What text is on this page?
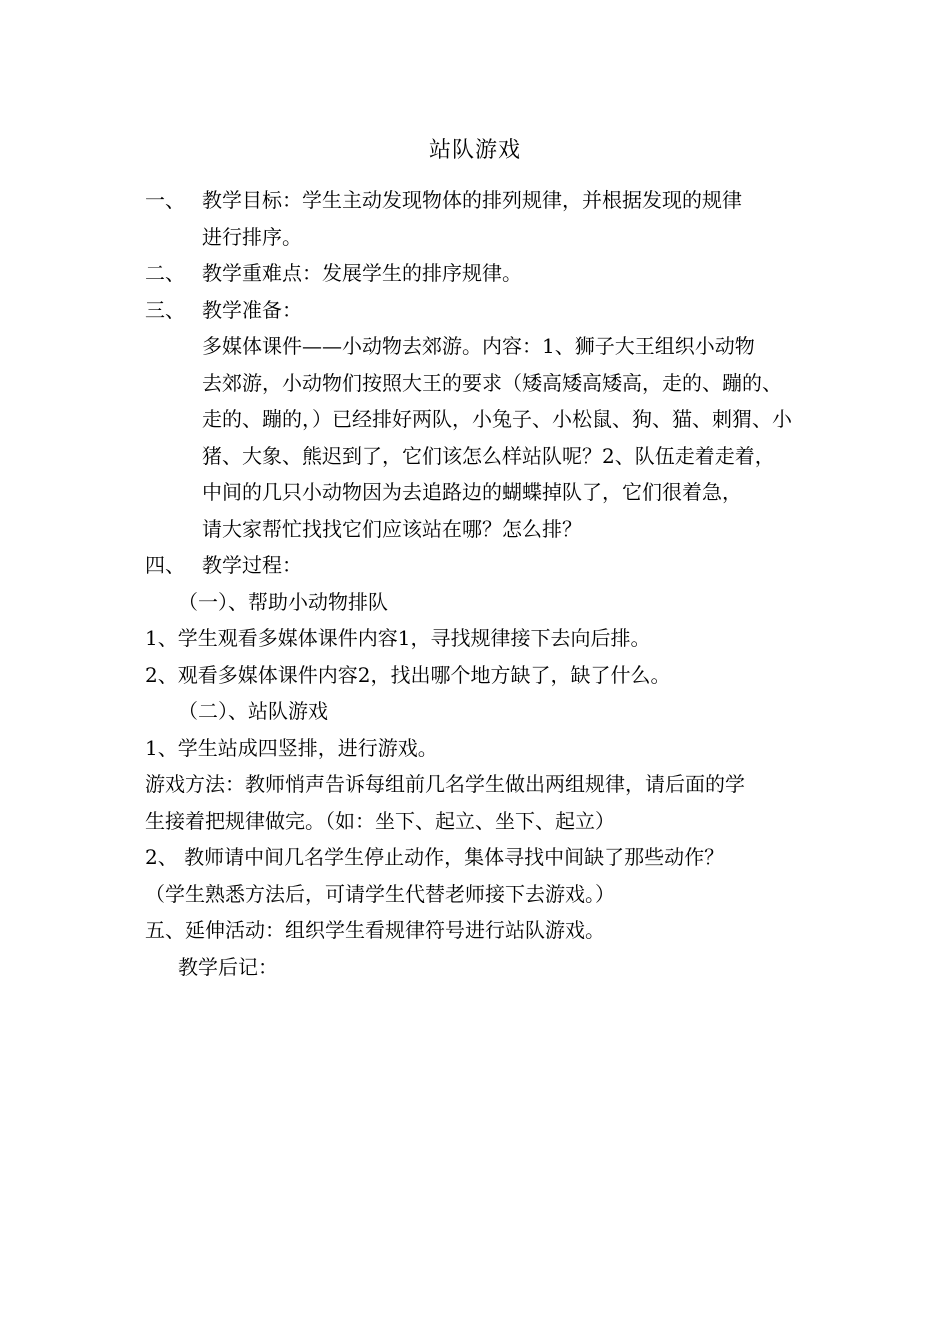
站队游戏
一、 教学目标：学生主动发现物体的排列规律，并根据发现的规律
进行排序。
二、 教学重难点：发展学生的排序规律。
三、 教学准备：
多媒体课件——小动物去郊游。内容：1、狮子大王组织小动物
去郊游，小动物们按照大王的要求（矮高矮高矮高，走的、蹦的、
走的、蹦的，）已经排好两队，小兔子、小松鼠、狗、猫、刺猬、小
猪、大象、熊迟到了，它们该怎么样站队呢？2、队伍走着走着，
中间的几只小动物因为去追路边的蝴蝶掉队了，它们很着急，
请大家帮忙找找它们应该站在哪？怎么排？
四、 教学过程：
（一）、帮助小动物排队
1、学生观看多媒体课件内容1，寻找规律接下去向后排。
2、观看多媒体课件内容2，找出哪个地方缺了，缺了什么。
（二）、站队游戏
1、学生站成四竖排，进行游戏。
游戏方法：教师悄声告诉每组前几名学生做出两组规律，请后面的学
生接着把规律做完。（如：坐下、起立、坐下、起立）
2、 教师请中间几名学生停止动作，集体寻找中间缺了那些动作？
（学生熟悉方法后，可请学生代替老师接下去游戏。）
五、延伸活动：组织学生看规律符号进行站队游戏。
教学后记：
